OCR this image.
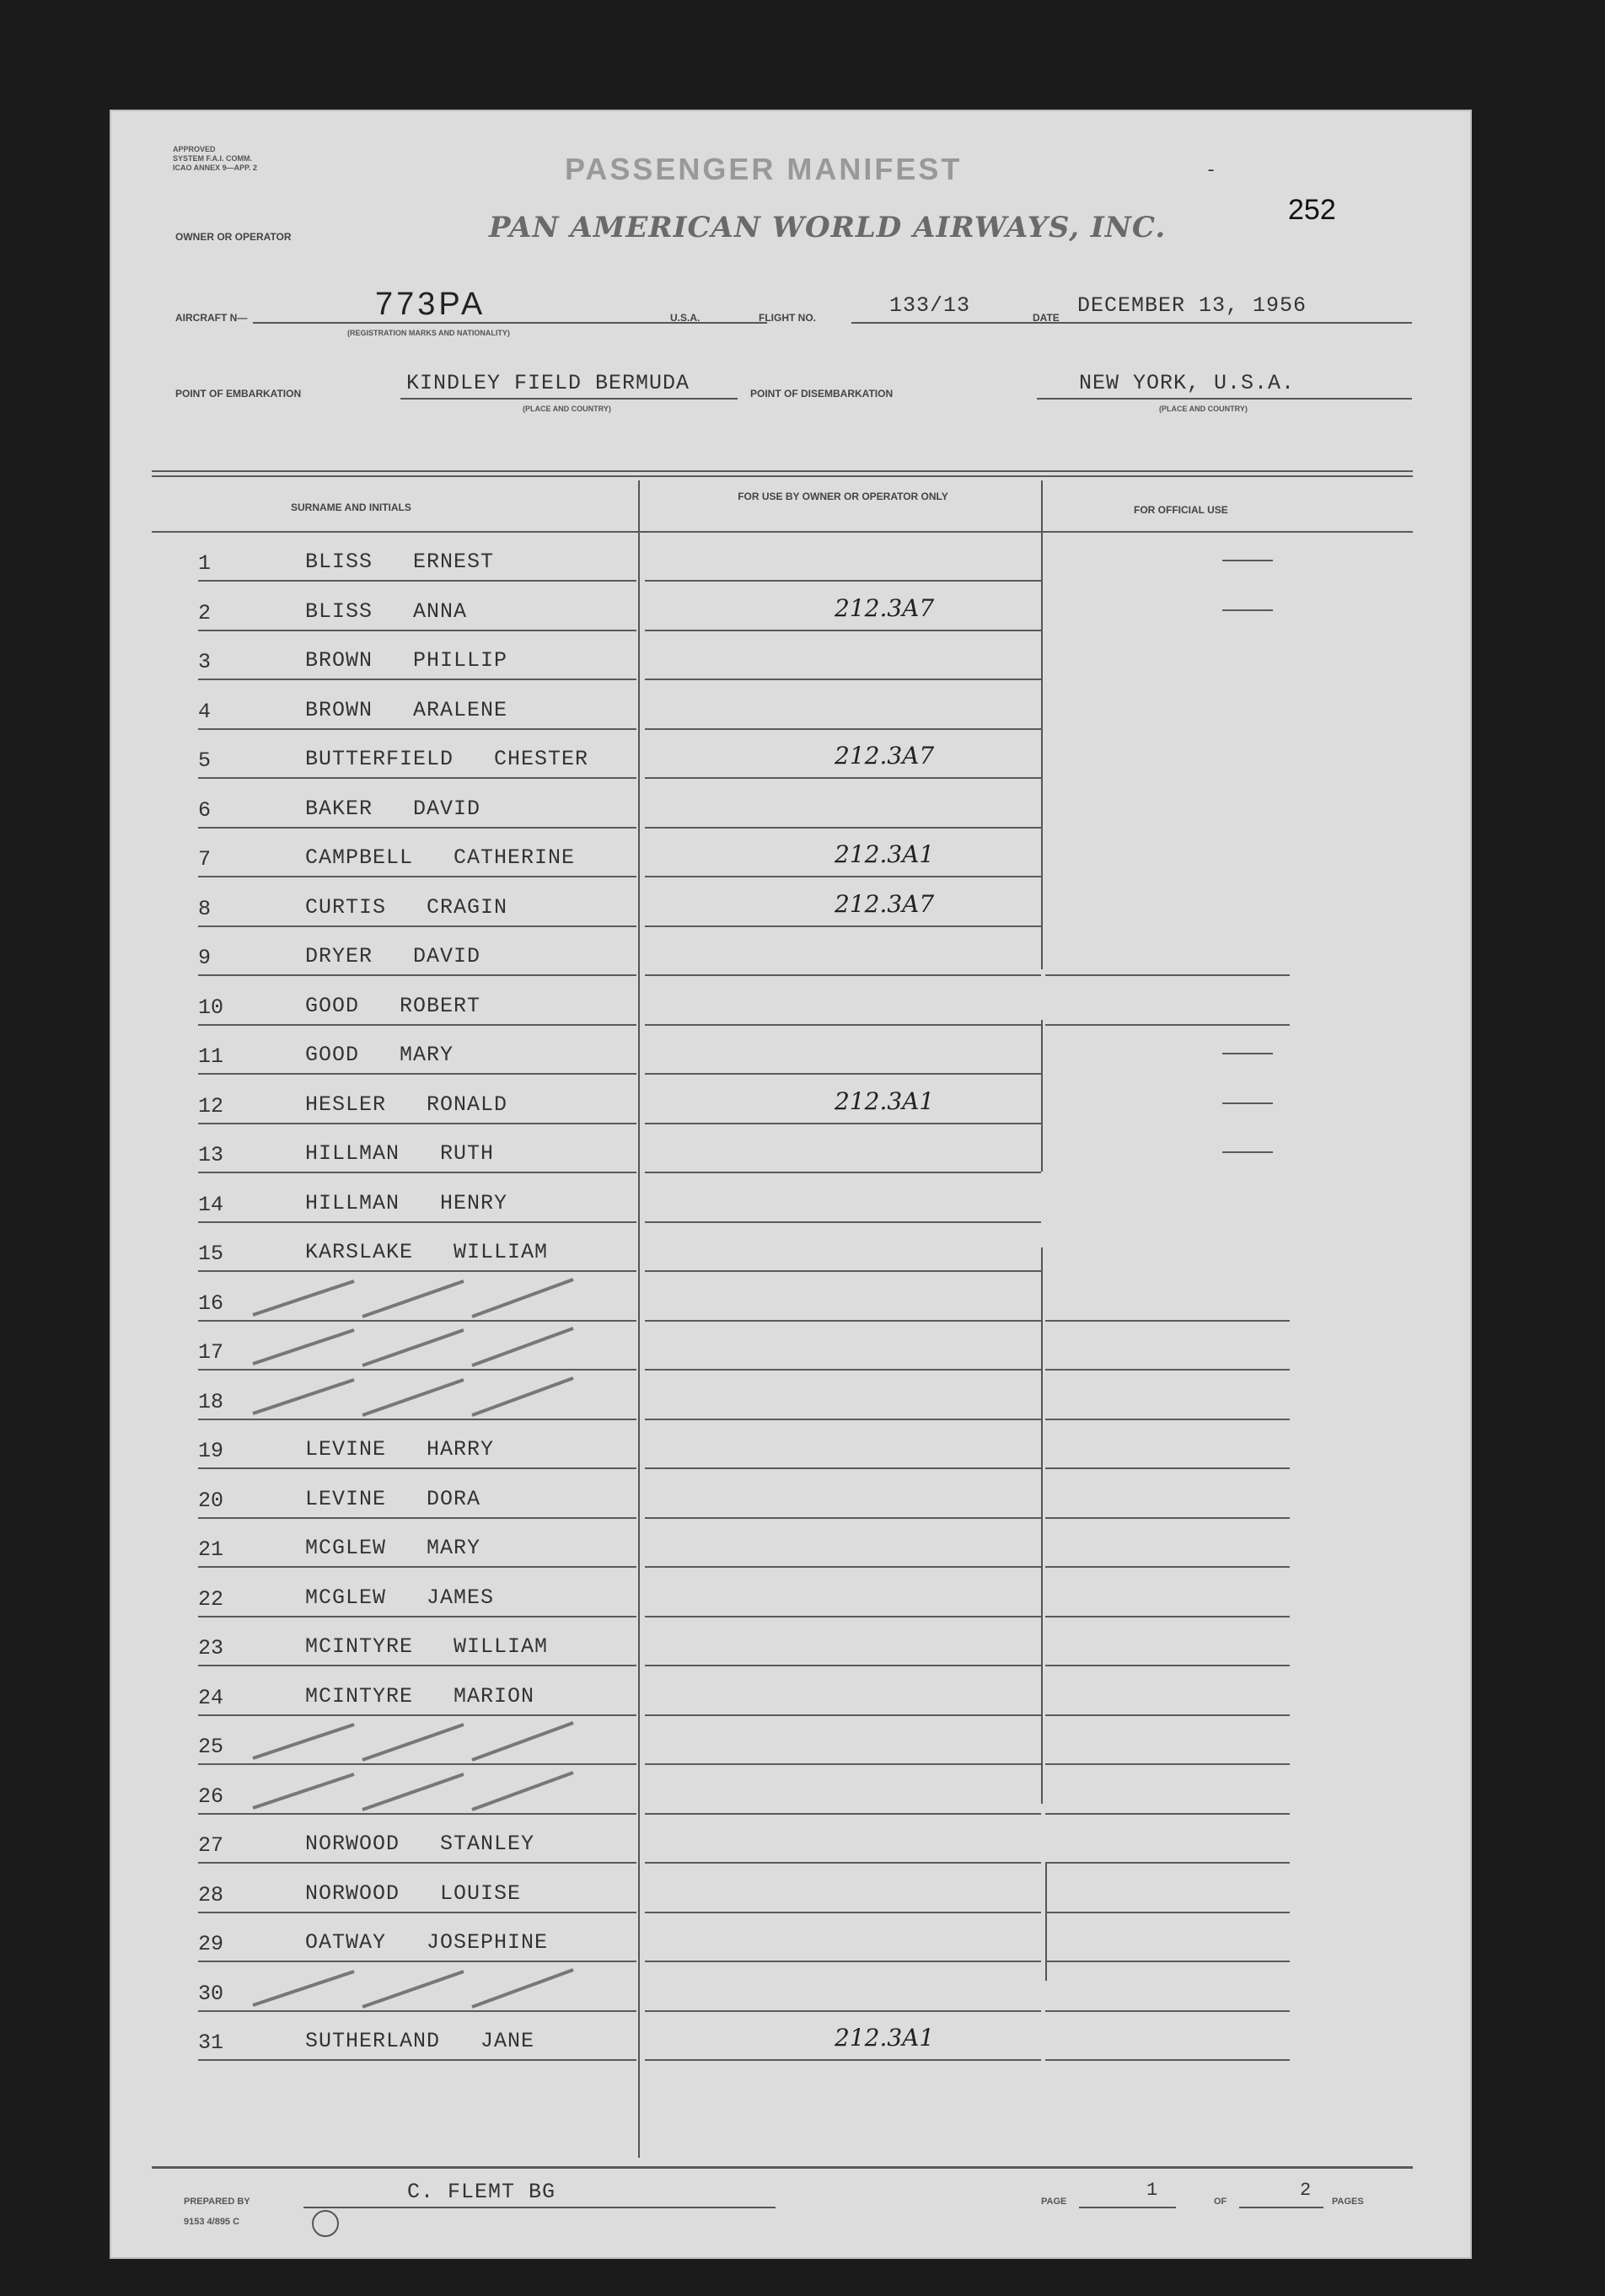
APPROVED
SYSTEM F.A.I. COMM.
ICAO ANNEX 9—APP. 2	PASSENGER MANIFEST	-
252
OWNER OR OPERATOR	PAN AMERICAN WORLD AIRWAYS, INC.
AIRCRAFT N—	773PA
(REGISTRATION MARKS AND NATIONALITY)
U.S.A.	FLIGHT NO.	133/13	DATE DECEMBER 13, 1956
POINT OF EMBARKATION	KINDLEY FIELD BERMUDA
(PLACE AND COUNTRY)
POINT OF DISEMBARKATION	NEW YORK, U.S.A.
(PLACE AND COUNTRY)
SURNAME AND INITIALS
FOR USE BY OWNER OR OPERATOR ONLY
FOR OFFICIAL USE
1	BLISS   ERNEST
2	BLISS   ANNA	212.3A7
3	BROWN   PHILLIP
4	BROWN   ARALENE
5	BUTTERFIELD   CHESTER	212.3A7
6	BAKER   DAVID
7	CAMPBELL   CATHERINE	212.3A1
8	CURTIS   CRAGIN	212.3A7
9	DRYER   DAVID
10	GOOD   ROBERT
11	GOOD   MARY
12	HESLER   RONALD	212.3A1
13	HILLMAN   RUTH
14	HILLMAN   HENRY
15	KARSLAKE   WILLIAM
16
17
18
19	LEVINE   HARRY
20	LEVINE   DORA
21	MCGLEW   MARY
22	MCGLEW   JAMES
23	MCINTYRE   WILLIAM
24	MCINTYRE   MARION
25
26
27	NORWOOD   STANLEY
28	NORWOOD   LOUISE
29	OATWAY   JOSEPHINE
30
31	SUTHERLAND   JANE	212.3A1
PREPARED BY	C. FLEMT BG
9153 4/895 C
PAGE
1
OF
2
PAGES
